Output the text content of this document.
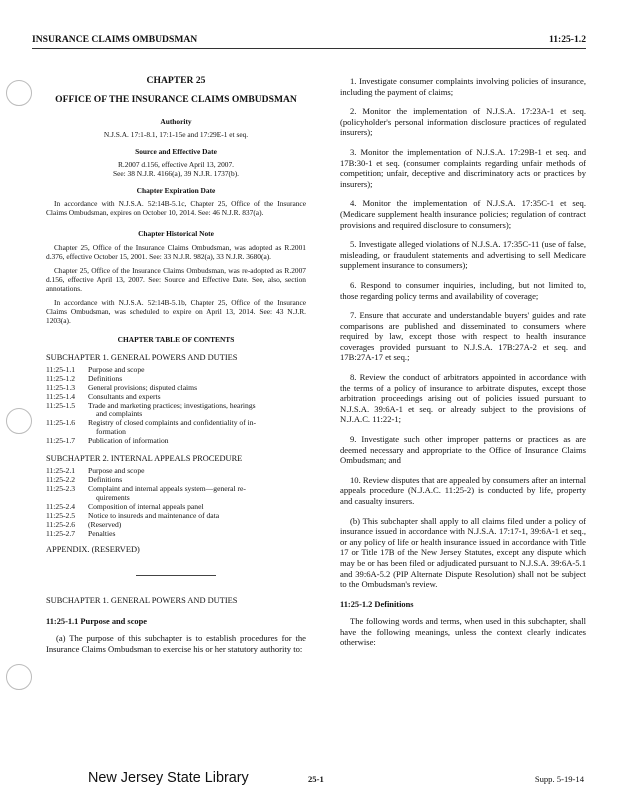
INSURANCE CLAIMS OMBUDSMAN	11:25-1.2
CHAPTER 25
OFFICE OF THE INSURANCE CLAIMS OMBUDSMAN
Authority
N.J.S.A. 17:1-8.1, 17:1-15e and 17:29E-1 et seq.
Source and Effective Date
R.2007 d.156, effective April 13, 2007.
See: 38 N.J.R. 4166(a), 39 N.J.R. 1737(b).
Chapter Expiration Date
In accordance with N.J.S.A. 52:14B-5.1c, Chapter 25, Office of the Insurance Claims Ombudsman, expires on October 10, 2014. See: 46 N.J.R. 837(a).
Chapter Historical Note
Chapter 25, Office of the Insurance Claims Ombudsman, was adopted as R.2001 d.376, effective October 15, 2001. See: 33 N.J.R. 982(a), 33 N.J.R. 3680(a).
Chapter 25, Office of the Insurance Claims Ombudsman, was re-adopted as R.2007 d.156, effective April 13, 2007. See: Source and Effective Date. See, also, section annotations.
In accordance with N.J.S.A. 52:14B-5.1b, Chapter 25, Office of the Insurance Claims Ombudsman, was scheduled to expire on April 13, 2014. See: 43 N.J.R. 1203(a).
CHAPTER TABLE OF CONTENTS
SUBCHAPTER 1. GENERAL POWERS AND DUTIES
11:25-1.1	Purpose and scope
11:25-1.2	Definitions
11:25-1.3	General provisions; disputed claims
11:25-1.4	Consultants and experts
11:25-1.5	Trade and marketing practices; investigations, hearings
and complaints
11:25-1.6	Registry of closed complaints and confidentiality of in-
formation
11:25-1.7	Publication of information
SUBCHAPTER 2. INTERNAL APPEALS PROCEDURE
11:25-2.1	Purpose and scope
11:25-2.2	Definitions
11:25-2.3	Complaint and internal appeals system—general re-
quirements
11:25-2.4	Composition of internal appeals panel
11:25-2.5	Notice to insureds and maintenance of data
11:25-2.6	(Reserved)
11:25-2.7	Penalties
APPENDIX. (RESERVED)
SUBCHAPTER 1. GENERAL POWERS AND DUTIES
11:25-1.1 Purpose and scope

(a) The purpose of this subchapter is to establish procedures for the Insurance Claims Ombudsman to exercise his or her statutory authority to:

1. Investigate consumer complaints involving policies of insurance, including the payment of claims;

2. Monitor the implementation of N.J.S.A. 17:23A-1 et seq. (policyholder's personal information disclosure practices of regulated insurers);

3. Monitor the implementation of N.J.S.A. 17:29B-1 et seq. and 17B:30-1 et seq. (consumer complaints regarding unfair methods of competition; unfair, deceptive and discriminatory acts or practices by insurers);

4. Monitor the implementation of N.J.S.A. 17:35C-1 et seq. (Medicare supplement health insurance policies; regulation of contract provisions and required disclosure to consumers);

5. Investigate alleged violations of N.J.S.A. 17:35C-11 (use of false, misleading, or fraudulent statements and advertising to sell Medicare supplement insurance to consumers);

6. Respond to consumer inquiries, including, but not limited to, those regarding policy terms and availability of coverage;

7. Ensure that accurate and understandable buyers' guides and rate comparisons are published and disseminated to consumers where required by law, except those with respect to health insurance coverages provided pursuant to N.J.S.A. 17B:27A-2 et seq. and 17B:27A-17 et seq.;

8. Review the conduct of arbitrators appointed in accordance with the terms of a policy of insurance to arbitrate disputes, except those arbitration proceedings arising out of policies issued pursuant to N.J.S.A. 39:6A-1 et seq. or already subject to the provisions of N.J.A.C. 11:22-1;

9. Investigate such other improper patterns or practices as are deemed necessary and appropriate to the Office of Insurance Claims Ombudsman; and

10. Review disputes that are appealed by consumers after an internal appeals procedure (N.J.A.C. 11:25-2) is conducted by life, property and casualty insurers.

(b) This subchapter shall apply to all claims filed under a policy of insurance issued in accordance with N.J.S.A. 17:17-1, 39:6A-1 et seq., or any policy of life or health insurance issued in accordance with Title 17 or Title 17B of the New Jersey Statutes, except any dispute which may be or has been filed or adjudicated pursuant to N.J.S.A. 39:6A-5.1 and 39:6A-5.2 (PIP Alternate Dispute Resolution) shall not be subject to the Ombudsman's review.

11:25-1.2 Definitions

The following words and terms, when used in this subchapter, shall have the following meanings, unless the context clearly indicates otherwise:

New Jersey State Library	25-1	Supp. 5-19-14
